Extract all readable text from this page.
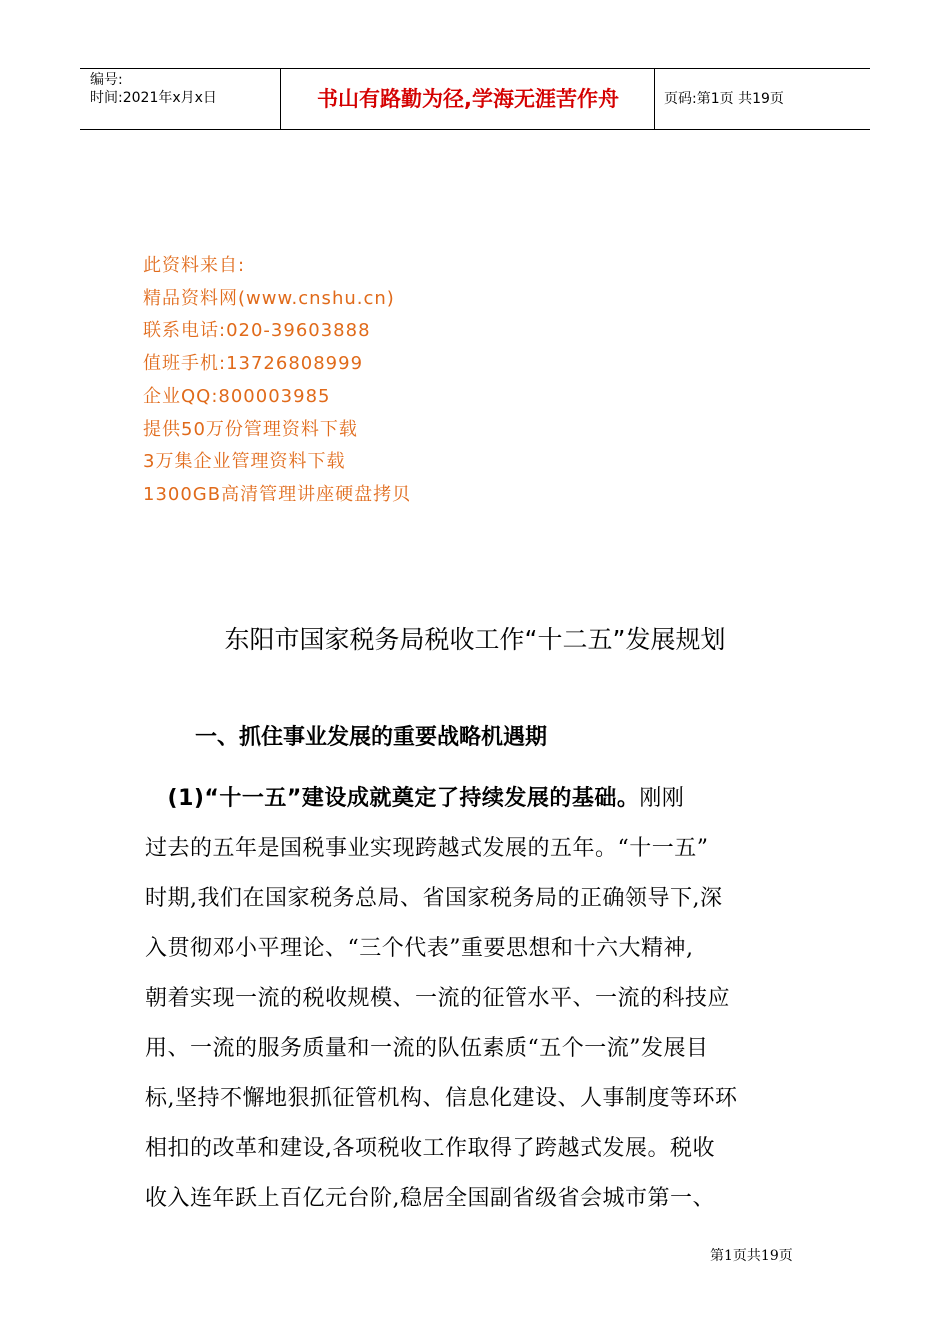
编号:
时间:2021年x月x日	书山有路勤为径,学海无涯苦作舟	页码:第1页 共19页
此资料来自:
精品资料网(www.cnshu.cn)
联系电话:020-39603888
值班手机:13726808999
企业QQ:800003985
提供50万份管理资料下载
3万集企业管理资料下载
1300GB高清管理讲座硬盘拷贝
东阳市国家税务局税收工作“十二五”发展规划
一、抓住事业发展的重要战略机遇期
　(1)“十一五”建设成就奠定了持续发展的基础。刚刚
过去的五年是国税事业实现跨越式发展的五年。“十一五”
时期,我们在国家税务总局、省国家税务局的正确领导下,深
入贯彻邓小平理论、“三个代表”重要思想和十六大精神,
朝着实现一流的税收规模、一流的征管水平、一流的科技应
用、一流的服务质量和一流的队伍素质“五个一流”发展目
标,坚持不懈地狠抓征管机构、信息化建设、人事制度等环环
相扣的改革和建设,各项税收工作取得了跨越式发展。税收
收入连年跃上百亿元台阶,稳居全国副省级省会城市第一、
第1页共19页
